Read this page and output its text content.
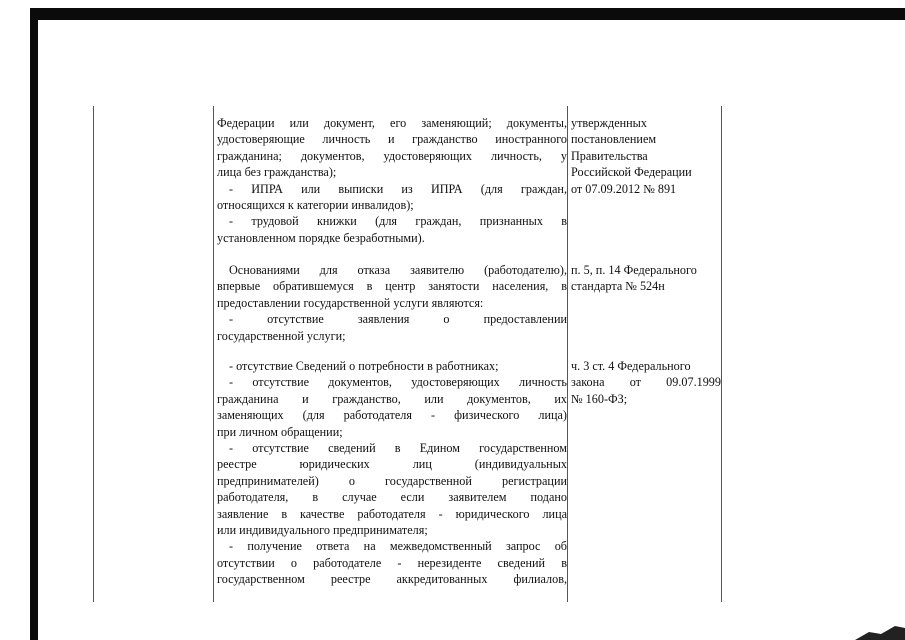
Федерации или документ, его заменяющий; документы,
удостоверяющие личность и гражданство иностранного
гражданина; документов, удостоверяющих личность, у
лица без гражданства);
- ИПРА или выписки из ИПРА (для граждан,
относящихся к категории инвалидов);
- трудовой книжки (для граждан, признанных в
установленном порядке безработными).
утвержденных
постановлением
Правительства
Российской Федерации
от 07.09.2012 № 891
Основаниями для отказа заявителю (работодателю),
впервые обратившемуся в центр занятости населения, в
предоставлении государственной услуги являются:
- отсутствие заявления о предоставлении
государственной услуги;
п. 5, п. 14 Федерального
стандарта № 524н
- отсутствие Сведений о потребности в работниках;
- отсутствие документов, удостоверяющих личность
гражданина и гражданство, или документов, их
заменяющих (для работодателя - физического лица)
при личном обращении;
- отсутствие сведений в Едином государственном
реестре юридических лиц (индивидуальных
предпринимателей) о государственной регистрации
работодателя, в случае если заявителем подано
заявление в качестве работодателя - юридического лица
или индивидуального предпринимателя;
- получение ответа на межведомственный запрос об
отсутствии о работодателе - нерезиденте сведений в
государственном реестре аккредитованных филиалов,
ч. 3 ст. 4 Федерального
закона от 09.07.1999
№ 160-ФЗ;
